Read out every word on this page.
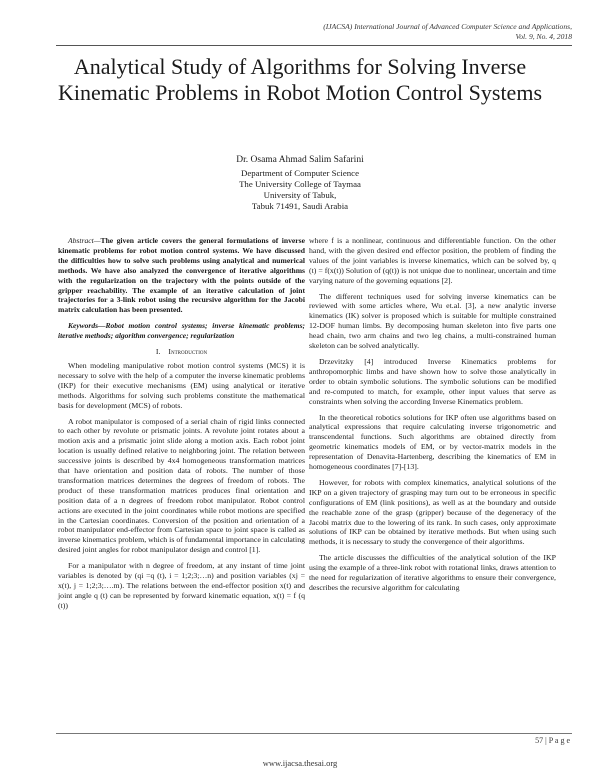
(IJACSA) International Journal of Advanced Computer Science and Applications,
Vol. 9, No. 4, 2018
Analytical Study of Algorithms for Solving Inverse Kinematic Problems in Robot Motion Control Systems
Dr. Osama Ahmad Salim Safarini
Department of Computer Science
The University College of Taymaa
University of Tabuk,
Tabuk 71491, Saudi Arabia

Abstract—The given article covers the general formulations of inverse kinematic problems for robot motion control systems. We have discussed the difficulties how to solve such problems using analytical and numerical methods. We have also analyzed the convergence of iterative algorithms with the regularization on the trajectory with the points outside of the gripper reachability. The example of an iterative calculation of joint trajectories for a 3-link robot using the recursive algorithm for the Jacobi matrix calculation has been presented.

Keywords—Robot motion control systems; inverse kinematic problems; iterative methods; algorithm convergence; regularization

I. Introduction

When modeling manipulative robot motion control systems (MCS) it is necessary to solve with the help of a computer the inverse kinematic problems (IKP) for their executive mechanisms (EM) using analytical or iterative methods. Algorithms for solving such problems constitute the mathematical basis for development (MCS) of robots.

A robot manipulator is composed of a serial chain of rigid links connected to each other by revolute or prismatic joints. A revolute joint rotates about a motion axis and a prismatic joint slide along a motion axis. Each robot joint location is usually defined relative to neighboring joint. The relation between successive joints is described by 4x4 homogeneous transformation matrices that have orientation and position data of robots. The number of those transformation matrices determines the degrees of freedom of robots. The product of these transformation matrices produces final orientation and position data of a n degrees of freedom robot manipulator. Robot control actions are executed in the joint coordinates while robot motions are specified in the Cartesian coordinates. Conversion of the position and orientation of a robot manipulator end-effector from Cartesian space to joint space is called as inverse kinematics problem, which is of fundamental importance in calculating desired joint angles for robot manipulator design and control [1].

For a manipulator with n degree of freedom, at any instant of time joint variables is denoted by (qi =q (t), i = 1;2;3;…n) and position variables (xj = x(t), j = 1;2;3;….m). The relations between the end-effector position x(t) and joint angle q (t) can be represented by forward kinematic equation, x(t) = f (q (t))

where f is a nonlinear, continuous and differentiable function. On the other hand, with the given desired end effector position, the problem of finding the values of the joint variables is inverse kinematics, which can be solved by, q (t) = f(x(t)) Solution of (q(t)) is not unique due to nonlinear, uncertain and time varying nature of the governing equations [2].

The different techniques used for solving inverse kinematics can be reviewed with some articles where, Wu et.al. [3], a new analytic inverse kinematics (IK) solver is proposed which is suitable for multiple constrained 12-DOF human limbs. By decomposing human skeleton into five parts one head chain, two arm chains and two leg chains, a multi-constrained human skeleton can be solved analytically.

Drzevitzky [4] introduced Inverse Kinematics problems for anthropomorphic limbs and have shown how to solve those analytically in order to obtain symbolic solutions. The symbolic solutions can be modified and re-computed to match, for example, other input values that serve as constraints when solving the according Inverse Kinematics problem.

In the theoretical robotics solutions for IKP often use algorithms based on analytical expressions that require calculating inverse trigonometric and transcendental functions. Such algorithms are obtained directly from geometric kinematics models of EM, or by vector-matrix models in the representation of Denavita-Hartenberg, describing the kinematics of EM in homogeneous coordinates [7]-[13].

However, for robots with complex kinematics, analytical solutions of the IKP on a given trajectory of grasping may turn out to be erroneous in specific configurations of EM (link positions), as well as at the boundary and outside the reachable zone of the grasp (gripper) because of the degeneracy of the Jacobi matrix due to the lowering of its rank. In such cases, only approximate solutions of IKP can be obtained by iterative methods. But when using such methods, it is necessary to study the convergence of their algorithms.

The article discusses the difficulties of the analytical solution of the IKP using the example of a three-link robot with rotational links, draws attention to the need for regularization of iterative algorithms to ensure their convergence, describes the recursive algorithm for calculating

57 | P a g e
www.ijacsa.thesai.org
